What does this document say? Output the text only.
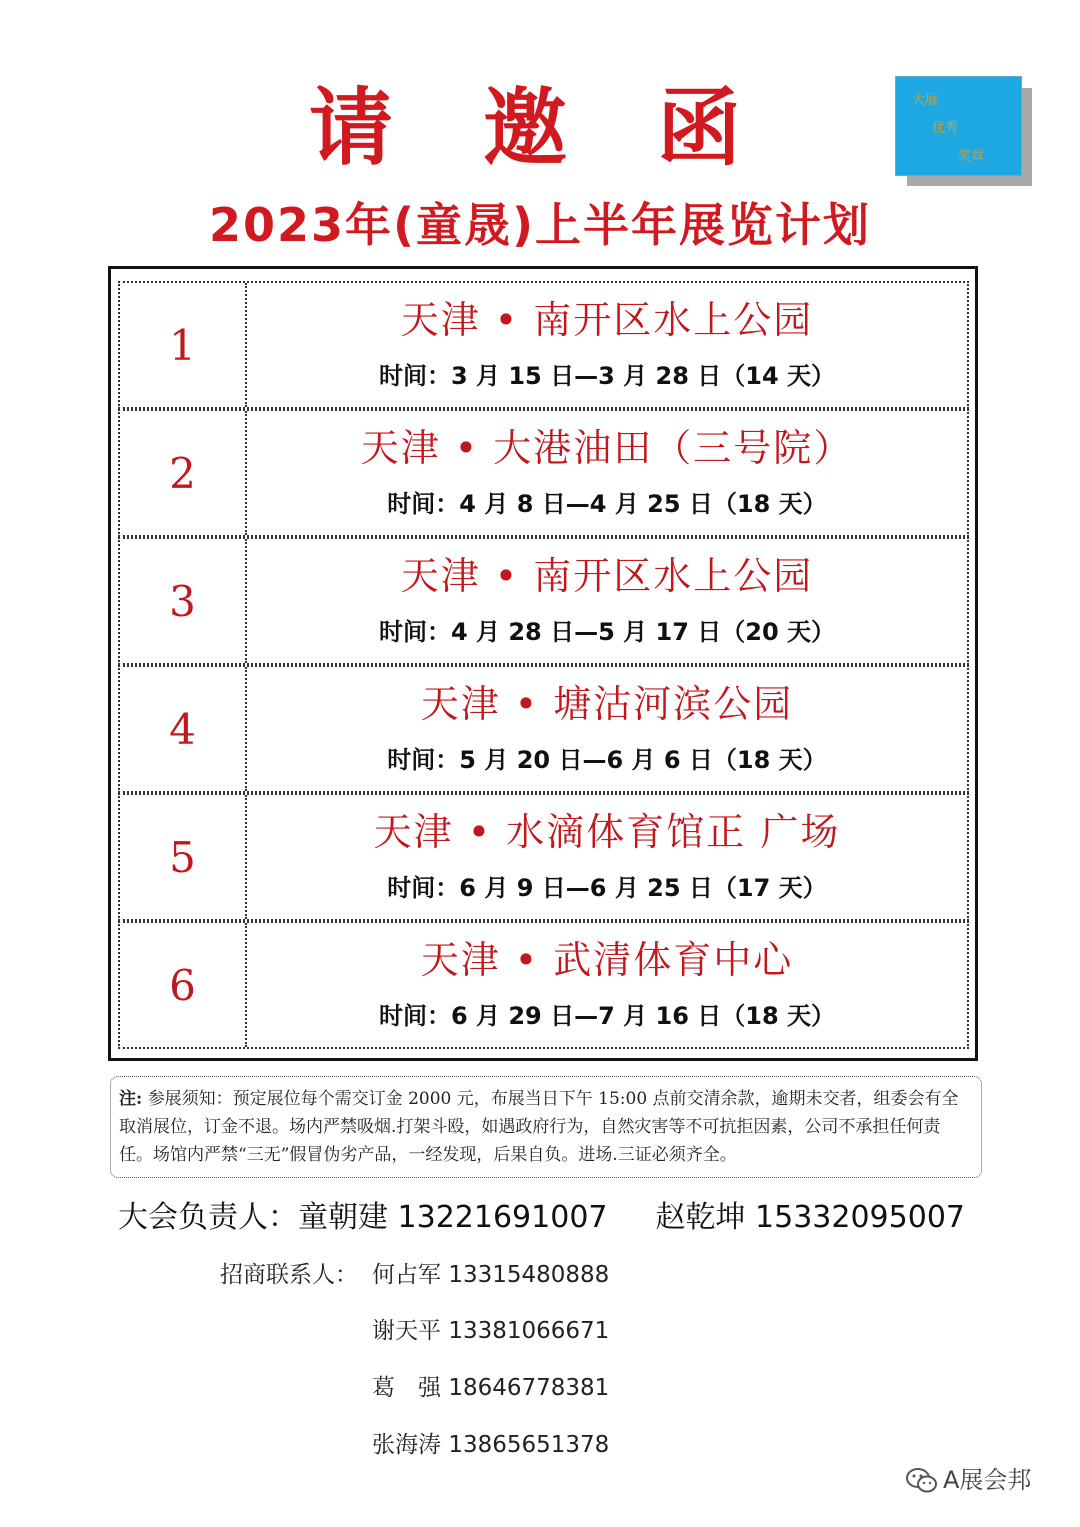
请邀函
2023年(童晟)上半年展览计划
大展
优秀
奖章
1
天津 • 南开区水上公园
时间：3 月 15 日—3 月 28 日（14 天）
2
天津 • 大港油田（三号院）
时间：4 月 8 日—4 月 25 日（18 天）
3
天津 • 南开区水上公园
时间：4 月 28 日—5 月 17 日（20 天）
4
天津 • 塘沽河滨公园
时间：5 月 20 日—6 月 6 日（18 天）
5
天津 • 水滴体育馆正 广场
时间：6 月 9 日—6 月 25 日（17 天）
6
天津 • 武清体育中心
时间：6 月 29 日—7 月 16 日（18 天）
注: 参展须知：预定展位每个需交订金 2000 元，布展当日下午 15:00 点前交清余款，逾期未交者，组委会有全取消展位，订金不退。场内严禁吸烟.打架斗殴，如遇政府行为，自然灾害等不可抗拒因素，公司不承担任何责任。场馆内严禁“三无”假冒伪劣产品，一经发现，后果自负。进场.三证必须齐全。
大会负责人：童朝建 13221691007 赵乾坤 15332095007
招商联系人： 何占军 13315480888
谢天平 13381066671
葛　强 18646778381
张海涛 13865651378
A展会邦
